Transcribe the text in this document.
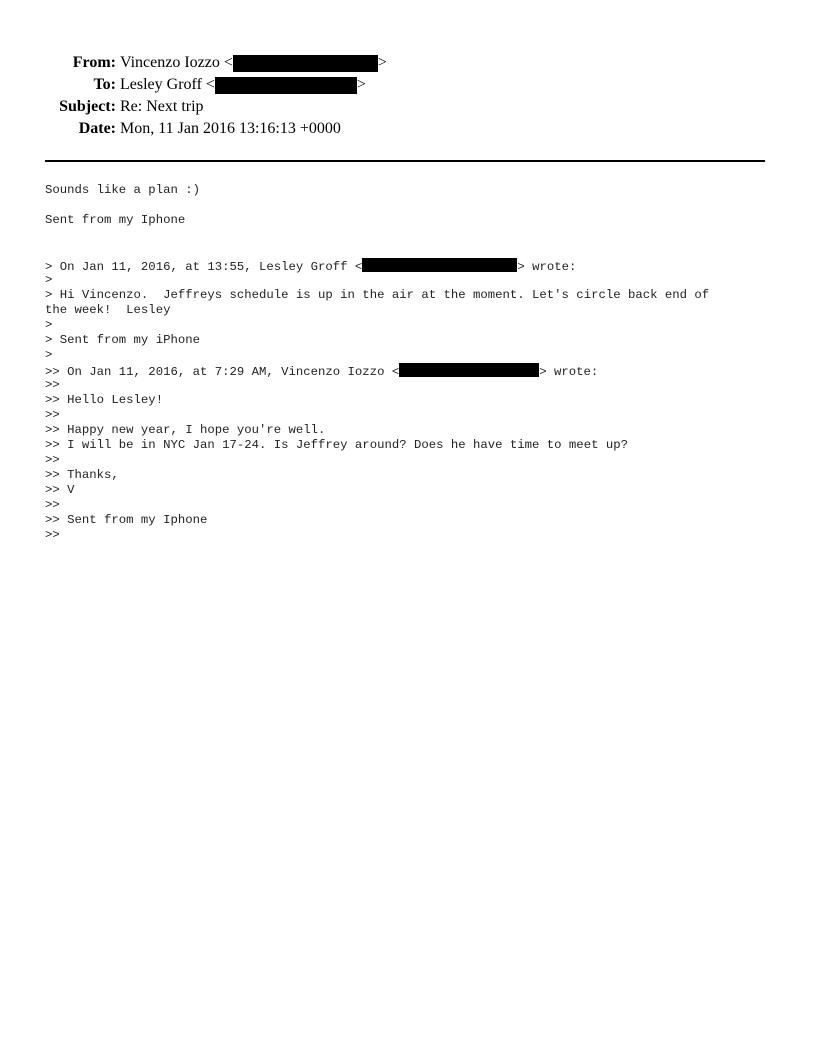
From: Vincenzo Iozzo <	>
To: Lesley Groff <	>
Subject: Re: Next trip
Date: Mon, 11 Jan 2016 13:16:13 +0000
Sounds like a plan :)
Sent from my Iphone
> On Jan 11, 2016, at 13:55, Lesley Groff <	> wrote:
>
> Hi Vincenzo.  Jeffreys schedule is up in the air at the moment. Let's circle back end of
the week!  Lesley
>
> Sent from my iPhone
>
>> On Jan 11, 2016, at 7:29 AM, Vincenzo Iozzo <	> wrote:
>>
>> Hello Lesley!
>>
>> Happy new year, I hope you're well.
>> I will be in NYC Jan 17-24. Is Jeffrey around? Does he have time to meet up?
>>
>> Thanks,
>> V
>>
>> Sent from my Iphone
>>
